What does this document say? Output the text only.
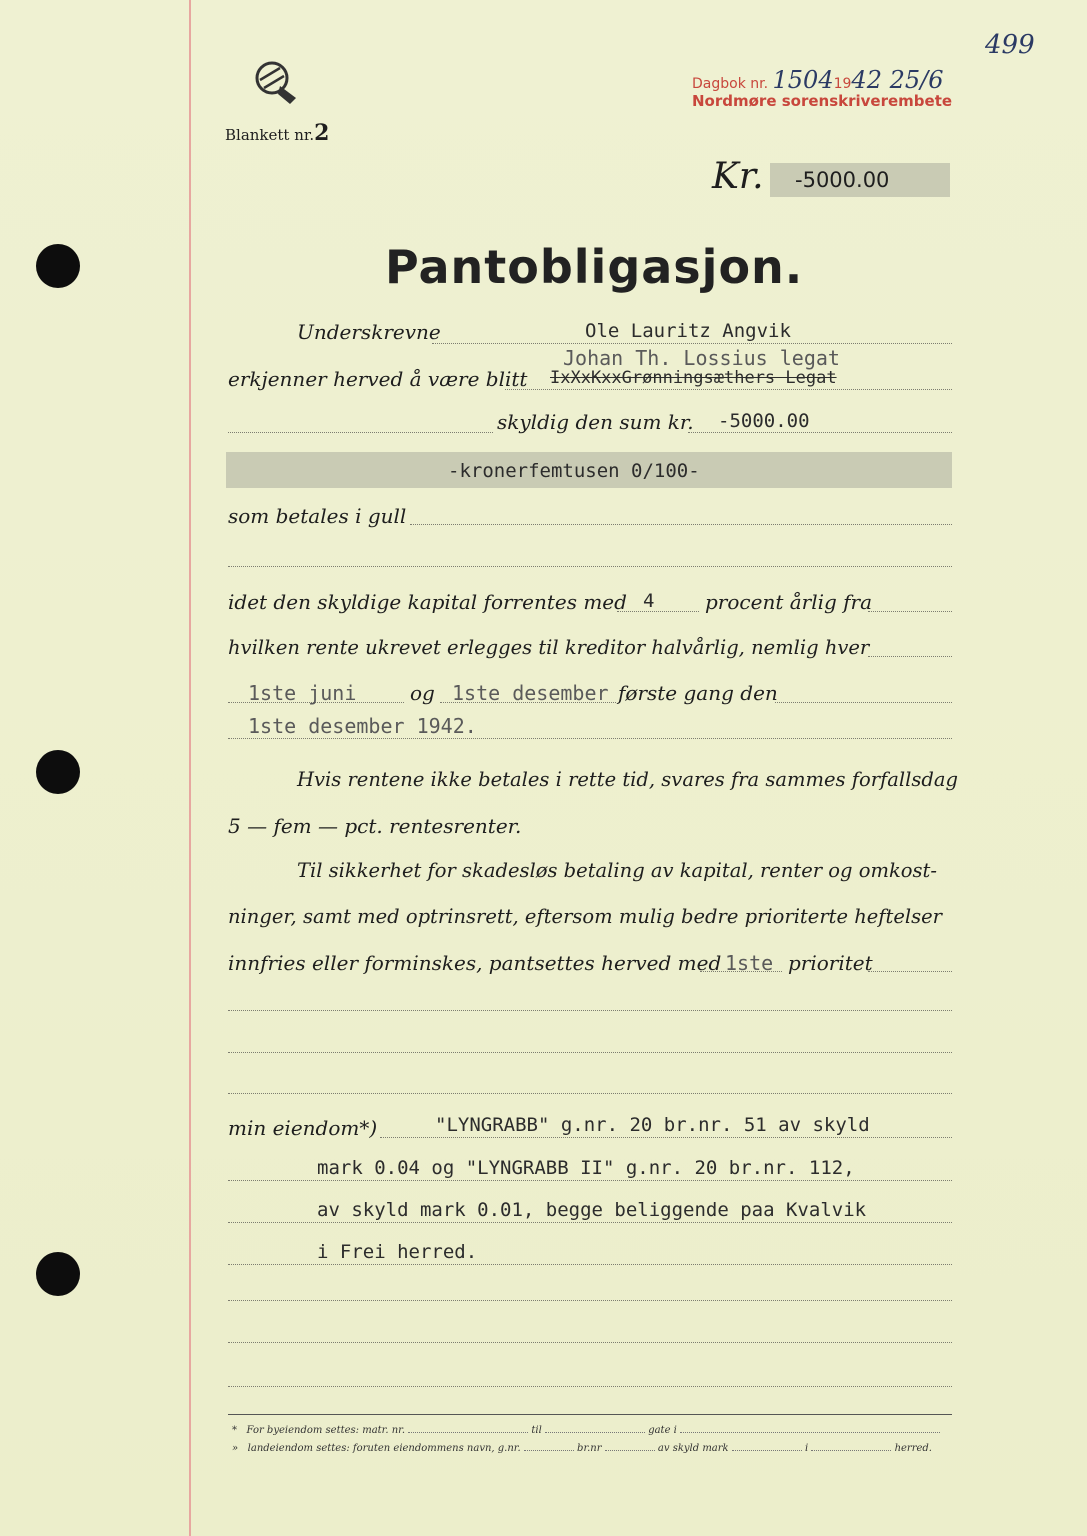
499
Dagbok nr. 15041942 25/6
Nordmøre sorenskriverembete
Blankett nr.2
Kr. -5000.00
Pantobligasjon.
Underskrevne	Ole Lauritz Angvik
Johan Th. Lossius legat
erkjenner herved å være blitt IxXxKxxGrønningsæthers Legat
skyldig den sum kr. -5000.00
-kronerfemtusen 0/100-
som betales i gull
idet den skyldige kapital forrentes med 4	procent årlig fra
hvilken rente ukrevet erlegges til kreditor halvårlig, nemlig hver
1ste juni	og 1ste desember første gang den
1ste desember 1942.
Hvis rentene ikke betales i rette tid, svares fra sammes forfallsdag
5 — fem — pct. rentesrenter.
Til sikkerhet for skadesløs betaling av kapital, renter og omkost-
ninger, samt med optrinsrett, eftersom mulig bedre prioriterte heftelser
innfries eller forminskes, pantsettes herved med 1ste prioritet
min eiendom*)	"LYNGRABB" g.nr. 20 br.nr. 51 av skyld
mark 0.04 og "LYNGRABB II" g.nr. 20 br.nr. 112,
av skyld mark 0.01, begge beliggende paa Kvalvik
i Frei herred.
*   For byeiendom settes: matr. nr.	til	gate i
»   landeiendom settes: foruten eiendommens navn, g.nr.	br.nr	av skyld mark	i	herred.
